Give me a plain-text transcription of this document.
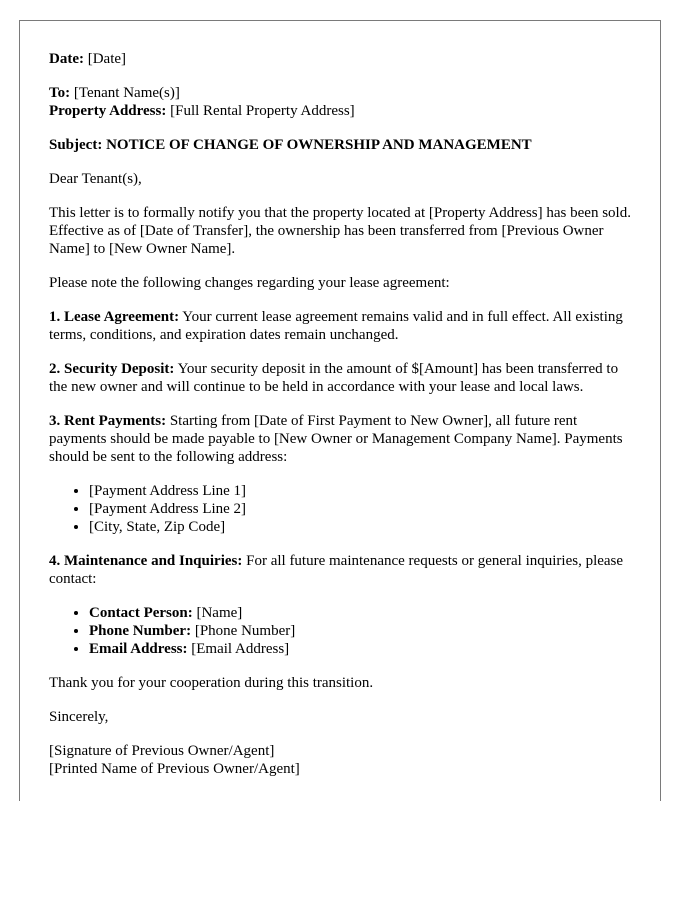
Date: [Date]

To: [Tenant Name(s)]

Property Address: [Full Rental Property Address]

Subject: NOTICE OF CHANGE OF OWNERSHIP AND MANAGEMENT

Dear Tenant(s),

This letter is to formally notify you that the property located at [Property Address] has been sold. Effective as of [Date of Transfer], the ownership has been transferred from [Previous Owner Name] to [New Owner Name].

Please note the following changes regarding your lease agreement:

1. Lease Agreement: Your current lease agreement remains valid and in full effect. All existing terms, conditions, and expiration dates remain unchanged.

2. Security Deposit: Your security deposit in the amount of $[Amount] has been transferred to the new owner and will continue to be held in accordance with your lease and local laws.

3. Rent Payments: Starting from [Date of First Payment to New Owner], all future rent payments should be made payable to [New Owner or Management Company Name]. Payments should be sent to the following address:

• [Payment Address Line 1]
• [Payment Address Line 2]
• [City, State, Zip Code]

4. Maintenance and Inquiries: For all future maintenance requests or general inquiries, please contact:

• Contact Person: [Name]
• Phone Number: [Phone Number]
• Email Address: [Email Address]

Thank you for your cooperation during this transition.

Sincerely,

[Signature of Previous Owner/Agent]

[Printed Name of Previous Owner/Agent]
